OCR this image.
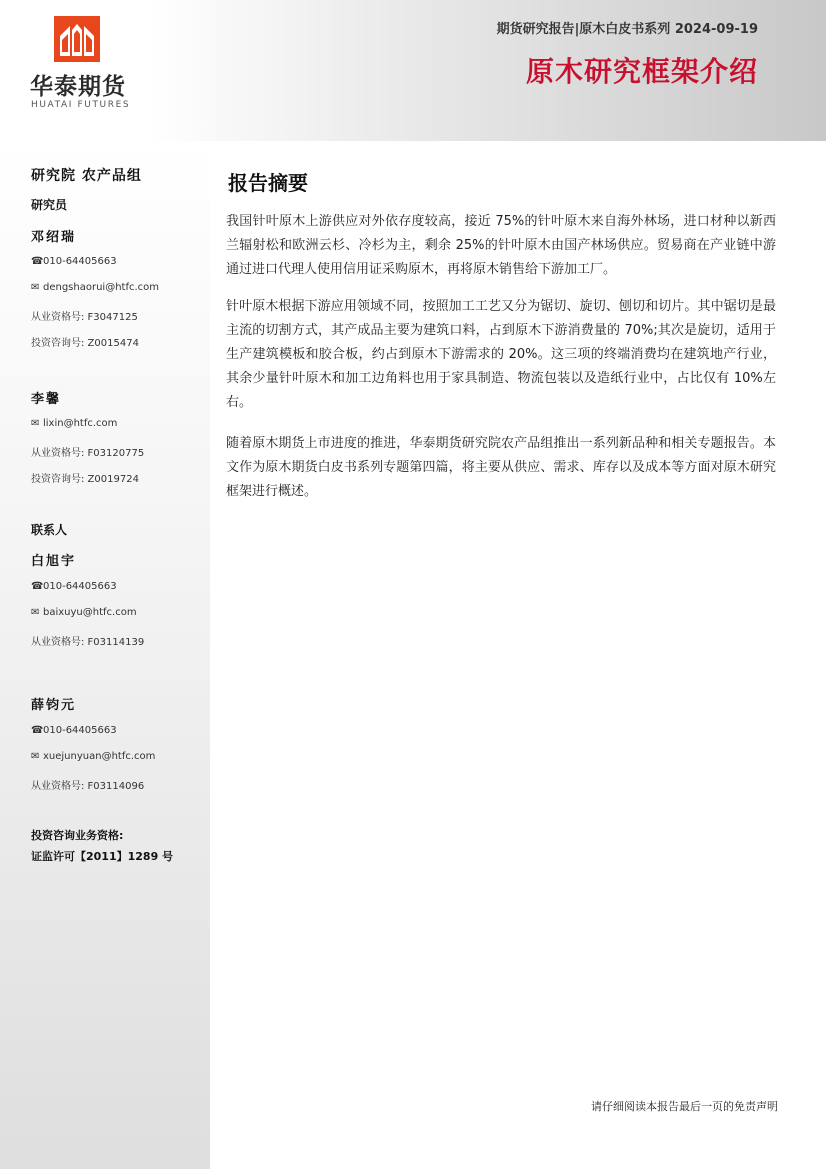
华泰期货
HUATAI FUTURES
期货研究报告|原木白皮书系列 2024-09-19
原木研究框架介绍
研究院 农产品组
研究员
邓绍瑞
☎010-64405663
✉ dengshaorui@htfc.com
从业资格号: F3047125
投资咨询号: Z0015474
李馨
✉ lixin@htfc.com
从业资格号: F03120775
投资咨询号: Z0019724
联系人
白旭宇
☎010-64405663
✉ baixuyu@htfc.com
从业资格号: F03114139
薛钧元
☎010-64405663
✉ xuejunyuan@htfc.com
从业资格号: F03114096
投资咨询业务资格:
证监许可【2011】1289 号
报告摘要
我国针叶原木上游供应对外依存度较高，接近 75%的针叶原木来自海外林场，进口材种以新西兰辐射松和欧洲云杉、冷杉为主，剩余 25%的针叶原木由国产林场供应。贸易商在产业链中游通过进口代理人使用信用证采购原木，再将原木销售给下游加工厂。
针叶原木根据下游应用领域不同，按照加工工艺又分为锯切、旋切、刨切和切片。其中锯切是最主流的切割方式，其产成品主要为建筑口料，占到原木下游消费量的 70%;其次是旋切，适用于生产建筑模板和胶合板，约占到原木下游需求的 20%。这三项的终端消费均在建筑地产行业，其余少量针叶原木和加工边角料也用于家具制造、物流包装以及造纸行业中，占比仅有 10%左右。
随着原木期货上市进度的推进，华泰期货研究院农产品组推出一系列新品种和相关专题报告。本文作为原木期货白皮书系列专题第四篇，将主要从供应、需求、库存以及成本等方面对原木研究框架进行概述。
请仔细阅读本报告最后一页的免责声明
